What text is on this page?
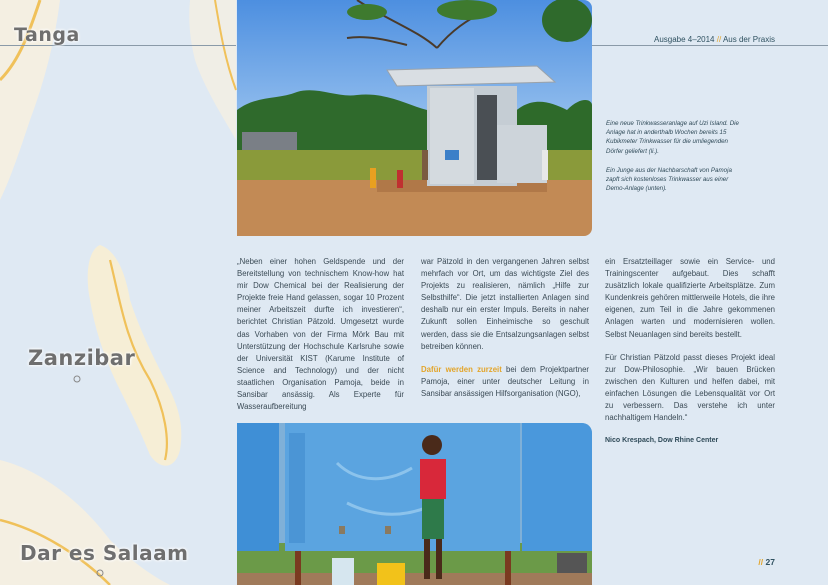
Tanga
Zanzibar
Dar es Salaam
Ausgabe 4–2014 // Aus der Praxis
Eine neue Trinkwasseranlage auf Uzi Island. Die Anlage hat in anderthalb Wochen bereits 15 Kubikmeter Trinkwasser für die umliegenden Dörfer geliefert (li.).
Ein Junge aus der Nachbarschaft von Pamoja zapft sich kostenloses Trinkwasser aus einer Demo-Anlage (unten).

„Neben einer hohen Geldspende und der Bereitstellung von technischem Know-how hat mir Dow Chemical bei der Realisierung der Projekte freie Hand gelassen, sogar 10 Prozent meiner Arbeitszeit durfte ich investieren“, berichtet Christian Pätzold. Umgesetzt wurde das Vorhaben von der Firma Mörk Bau mit Unterstützung der Hochschule Karlsruhe sowie der Universität KIST (Karume Institute of Science and Technology) und der nicht staatlichen Organisation Pamoja, beide in Sansibar ansässig. Als Experte für Wasseraufbereitung

war Pätzold in den vergangenen Jahren selbst mehrfach vor Ort, um das wichtigste Ziel des Projekts zu realisieren, nämlich „Hilfe zur Selbsthilfe“. Die jetzt installierten Anlagen sind deshalb nur ein erster Impuls. Bereits in naher Zukunft sollen Einheimische so geschult werden, dass sie die Entsalzungsanlagen selbst betreiben können.

Dafür werden zurzeit bei dem Projektpartner Pamoja, einer unter deutscher Leitung in Sansibar ansässigen Hilfsorganisation (NGO),

ein Ersatzteillager sowie ein Service- und Trainingscenter aufgebaut. Dies schafft zusätzlich lokale qualifizierte Arbeitsplätze. Zum Kundenkreis gehören mittlerweile Hotels, die ihre eigenen, zum Teil in die Jahre gekommenen Anlagen warten und modernisieren wollen. Selbst Neuanlagen sind bereits bestellt.

Für Christian Pätzold passt dieses Projekt ideal zur Dow-Philosophie. „Wir bauen Brücken zwischen den Kulturen und helfen dabei, mit einfachen Lösungen die Lebensqualität vor Ort zu verbessern. Das verstehe ich unter nachhaltigem Handeln.“

Nico Krespach, Dow Rhine Center

// 27
